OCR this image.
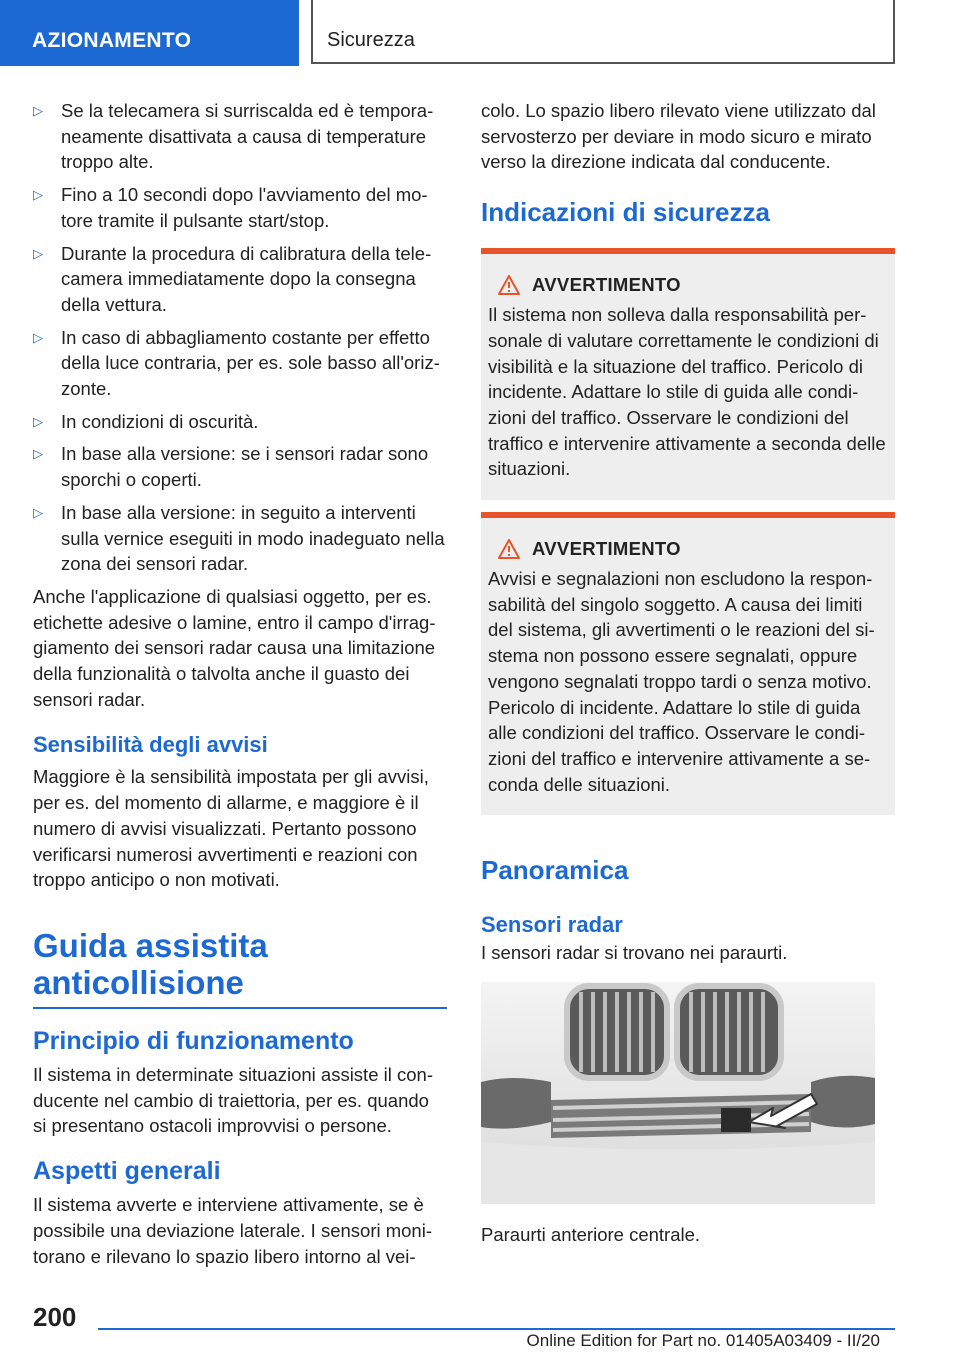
AZIONAMENTO	Sicurezza
▷ Se la telecamera si surriscalda ed è temporaneamente disattivata a causa di temperature troppo alte.
▷ Fino a 10 secondi dopo l'avviamento del motore tramite il pulsante start/stop.
▷ Durante la procedura di calibratura della telecamera immediatamente dopo la consegna della vettura.
▷ In caso di abbagliamento costante per effetto della luce contraria, per es. sole basso all'orizzonte.
▷ In condizioni di oscurità.
▷ In base alla versione: se i sensori radar sono sporchi o coperti.
▷ In base alla versione: in seguito a interventi sulla vernice eseguiti in modo inadeguato nella zona dei sensori radar.

Anche l'applicazione di qualsiasi oggetto, per es. etichette adesive o lamine, entro il campo d'irraggiamento dei sensori radar causa una limitazione della funzionalità o talvolta anche il guasto dei sensori radar.

Sensibilità degli avvisi

Maggiore è la sensibilità impostata per gli avvisi, per es. del momento di allarme, e maggiore è il numero di avvisi visualizzati. Pertanto possono verificarsi numerosi avvertimenti e reazioni con troppo anticipo o non motivati.

Guida assistita
anticollisione
Principio di funzionamento

Il sistema in determinate situazioni assiste il conducente nel cambio di traiettoria, per es. quando si presentano ostacoli improvvisi o persone.

Aspetti generali

Il sistema avverte e interviene attivamente, se è possibile una deviazione laterale. I sensori monitorano e rilevano lo spazio libero intorno al vei-

colo. Lo spazio libero rilevato viene utilizzato dal servosterzo per deviare in modo sicuro e mirato verso la direzione indicata dal conducente.

Indicazioni di sicurezza
AVVERTIMENTO
Il sistema non solleva dalla responsabilità personale di valutare correttamente le condizioni di visibilità e la situazione del traffico. Pericolo di incidente. Adattare lo stile di guida alle condizioni del traffico. Osservare le condizioni del traffico e intervenire attivamente a seconda delle situazioni.
AVVERTIMENTO
Avvisi e segnalazioni non escludono la responsabilità del singolo soggetto. A causa dei limiti del sistema, gli avvertimenti o le reazioni del sistema non possono essere segnalati, oppure vengono segnalati troppo tardi o senza motivo. Pericolo di incidente. Adattare lo stile di guida alle condizioni del traffico. Osservare le condizioni del traffico e intervenire attivamente a seconda delle situazioni.
Panoramica
Sensori radar

I sensori radar si trovano nei paraurti.

Paraurti anteriore centrale.

200
Online Edition for Part no. 01405A03409 - II/20
